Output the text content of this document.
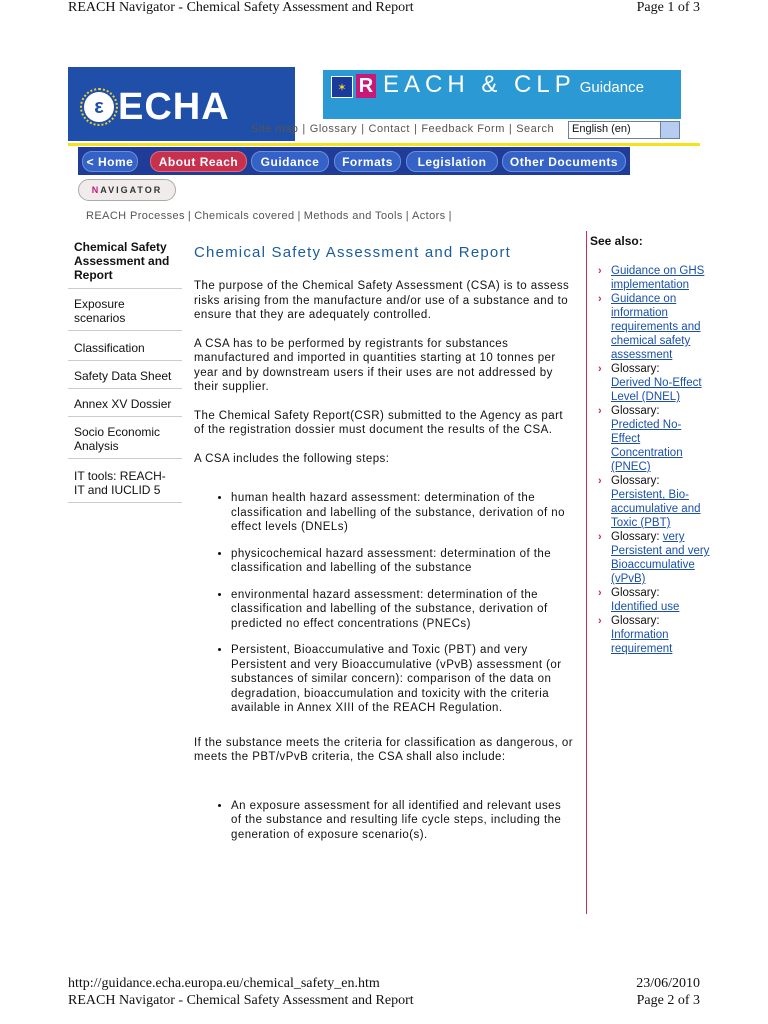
REACH Navigator - Chemical Safety Assessment and Report	Page 1 of 3
ε ECHA	✶ R EACH & CLP Guidance
Site map | Glossary | Contact | Feedback Form | Search English (en)
< Home	About Reach	Guidance	Formats	Legislation	Other Documents
N AVIGATOR
REACH Processes | Chemicals covered | Methods and Tools | Actors |
Chemical Safety Assessment and Report
Exposure scenarios
Classification
Safety Data Sheet
Annex XV Dossier
Socio Economic Analysis
IT tools: REACH-IT and IUCLID 5
Chemical Safety Assessment and Report

The purpose of the Chemical Safety Assessment (CSA) is to assess risks arising from the manufacture and/or use of a substance and to ensure that they are adequately controlled.

A CSA has to be performed by registrants for substances manufactured and imported in quantities starting at 10 tonnes per year and by downstream users if their uses are not addressed by their supplier.

The Chemical Safety Report(CSR) submitted to the Agency as part of the registration dossier must document the results of the CSA.

A CSA includes the following steps:

• human health hazard assessment: determination of the classification and labelling of the substance, derivation of no effect levels (DNELs)
• physicochemical hazard assessment: determination of the classification and labelling of the substance
• environmental hazard assessment: determination of the classification and labelling of the substance, derivation of predicted no effect concentrations (PNECs)
• Persistent, Bioaccumulative and Toxic (PBT) and very Persistent and very Bioaccumulative (vPvB) assessment (or substances of similar concern): comparison of the data on degradation, bioaccumulation and toxicity with the criteria available in Annex XIII of the REACH Regulation.

If the substance meets the criteria for classification as dangerous, or meets the PBT/vPvB criteria, the CSA shall also include:

• An exposure assessment for all identified and relevant uses of the substance and resulting life cycle steps, including the generation of exposure scenario(s).
See also:
› Guidance on GHS implementation
› Guidance on information requirements and chemical safety assessment
› Glossary:
Derived No-Effect Level (DNEL)
› Glossary:
Predicted No-Effect Concentration (PNEC)
› Glossary:
Persistent, Bio-accumulative and Toxic (PBT)
› Glossary: very Persistent and very Bioaccumulative (vPvB)
› Glossary:
Identified use
› Glossary:
Information requirement
http://guidance.echa.europa.eu/chemical_safety_en.htm	23/06/2010
REACH Navigator - Chemical Safety Assessment and Report	Page 2 of 3
